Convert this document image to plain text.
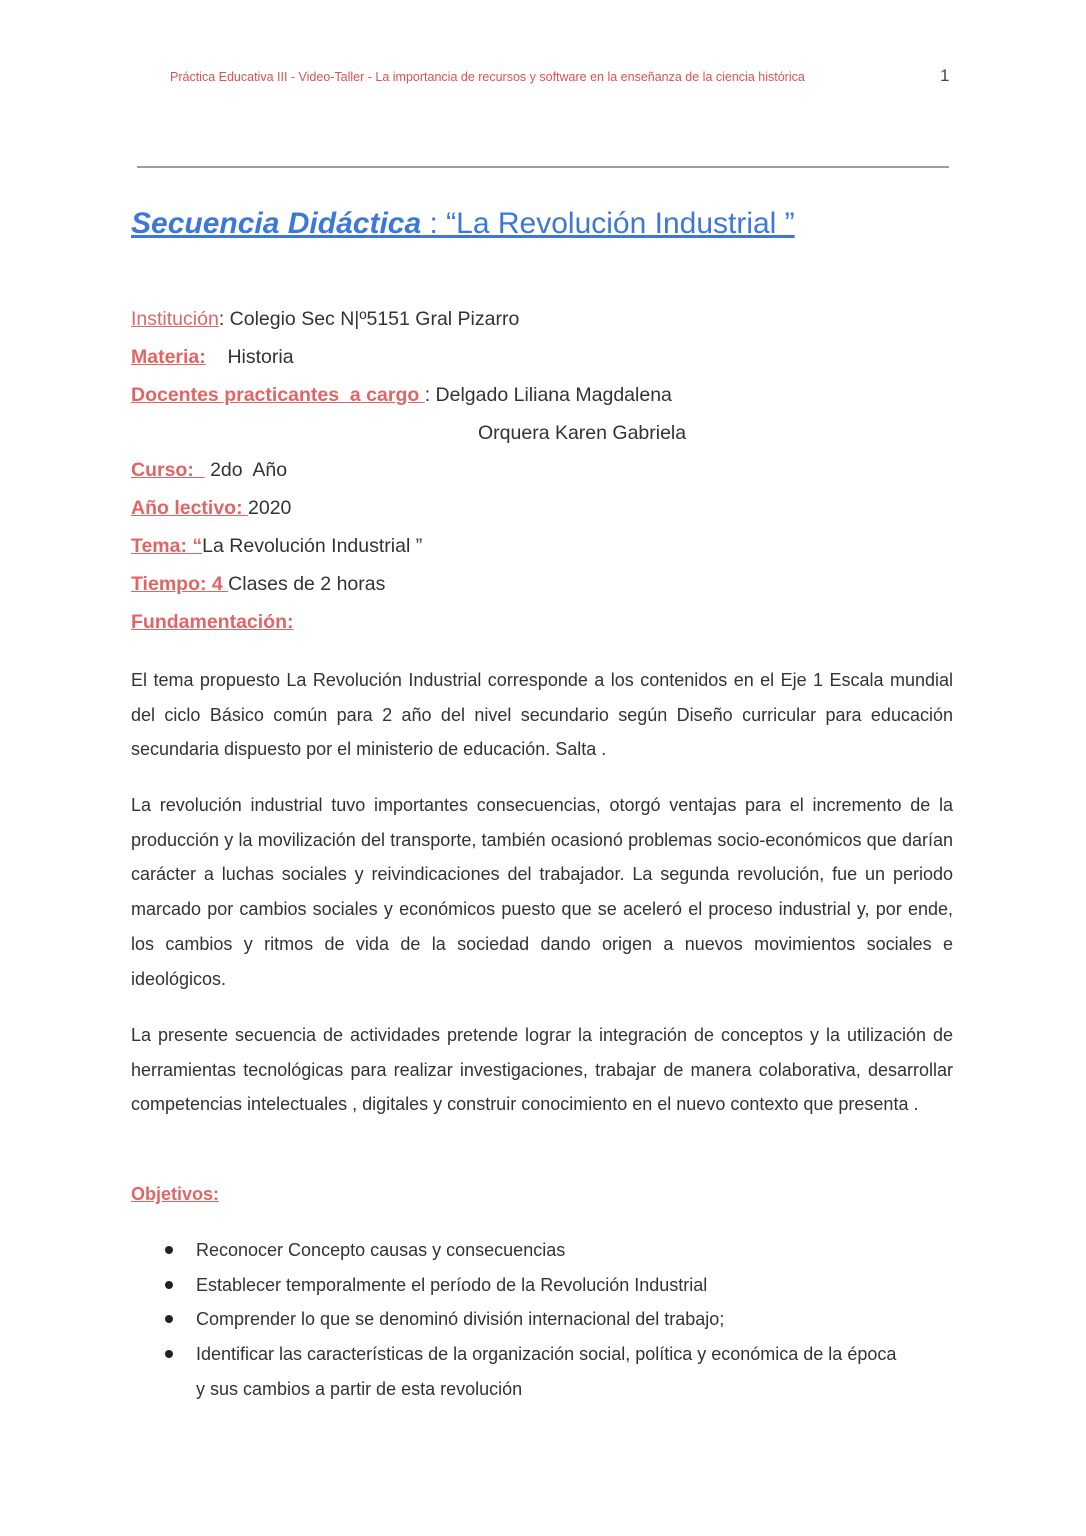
Práctica Educativa III - Video-Taller - La importancia de recursos y software en la enseñanza de la ciencia histórica	1
Secuencia Didáctica : “La Revolución Industrial ”
Institución: Colegio Sec N|º5151 Gral Pizarro
Materia:    Historia
Docentes practicantes  a cargo : Delgado Liliana Magdalena
Orquera Karen Gabriela
Curso:   2do  Año
Año lectivo: 2020
Tema: “La Revolución Industrial ”
Tiempo: 4 Clases de 2 horas
Fundamentación:

El tema propuesto La Revolución Industrial corresponde a los contenidos en el Eje 1 Escala mundial del ciclo Básico común para 2 año del nivel secundario según Diseño curricular para educación secundaria dispuesto por el ministerio de educación. Salta .

La revolución industrial tuvo importantes consecuencias, otorgó ventajas para el incremento de la producción y la movilización del transporte, también ocasionó problemas socio-económicos que darían carácter a luchas sociales y reivindicaciones del trabajador. La segunda revolución, fue un periodo marcado por cambios sociales y económicos puesto que se aceleró el proceso industrial y, por ende, los cambios y ritmos de vida de la sociedad dando origen a nuevos movimientos sociales e ideológicos.

La presente secuencia de actividades pretende lograr la integración de conceptos y la utilización de herramientas tecnológicas para realizar investigaciones, trabajar de manera colaborativa, desarrollar competencias intelectuales , digitales y construir conocimiento en el nuevo contexto que presenta .

Objetivos:
Reconocer Concepto causas y consecuencias
Establecer temporalmente el período de la Revolución Industrial
Comprender lo que se denominó división internacional del trabajo;
Identificar las características de la organización social, política y económica de la época y sus cambios a partir de esta revolución
